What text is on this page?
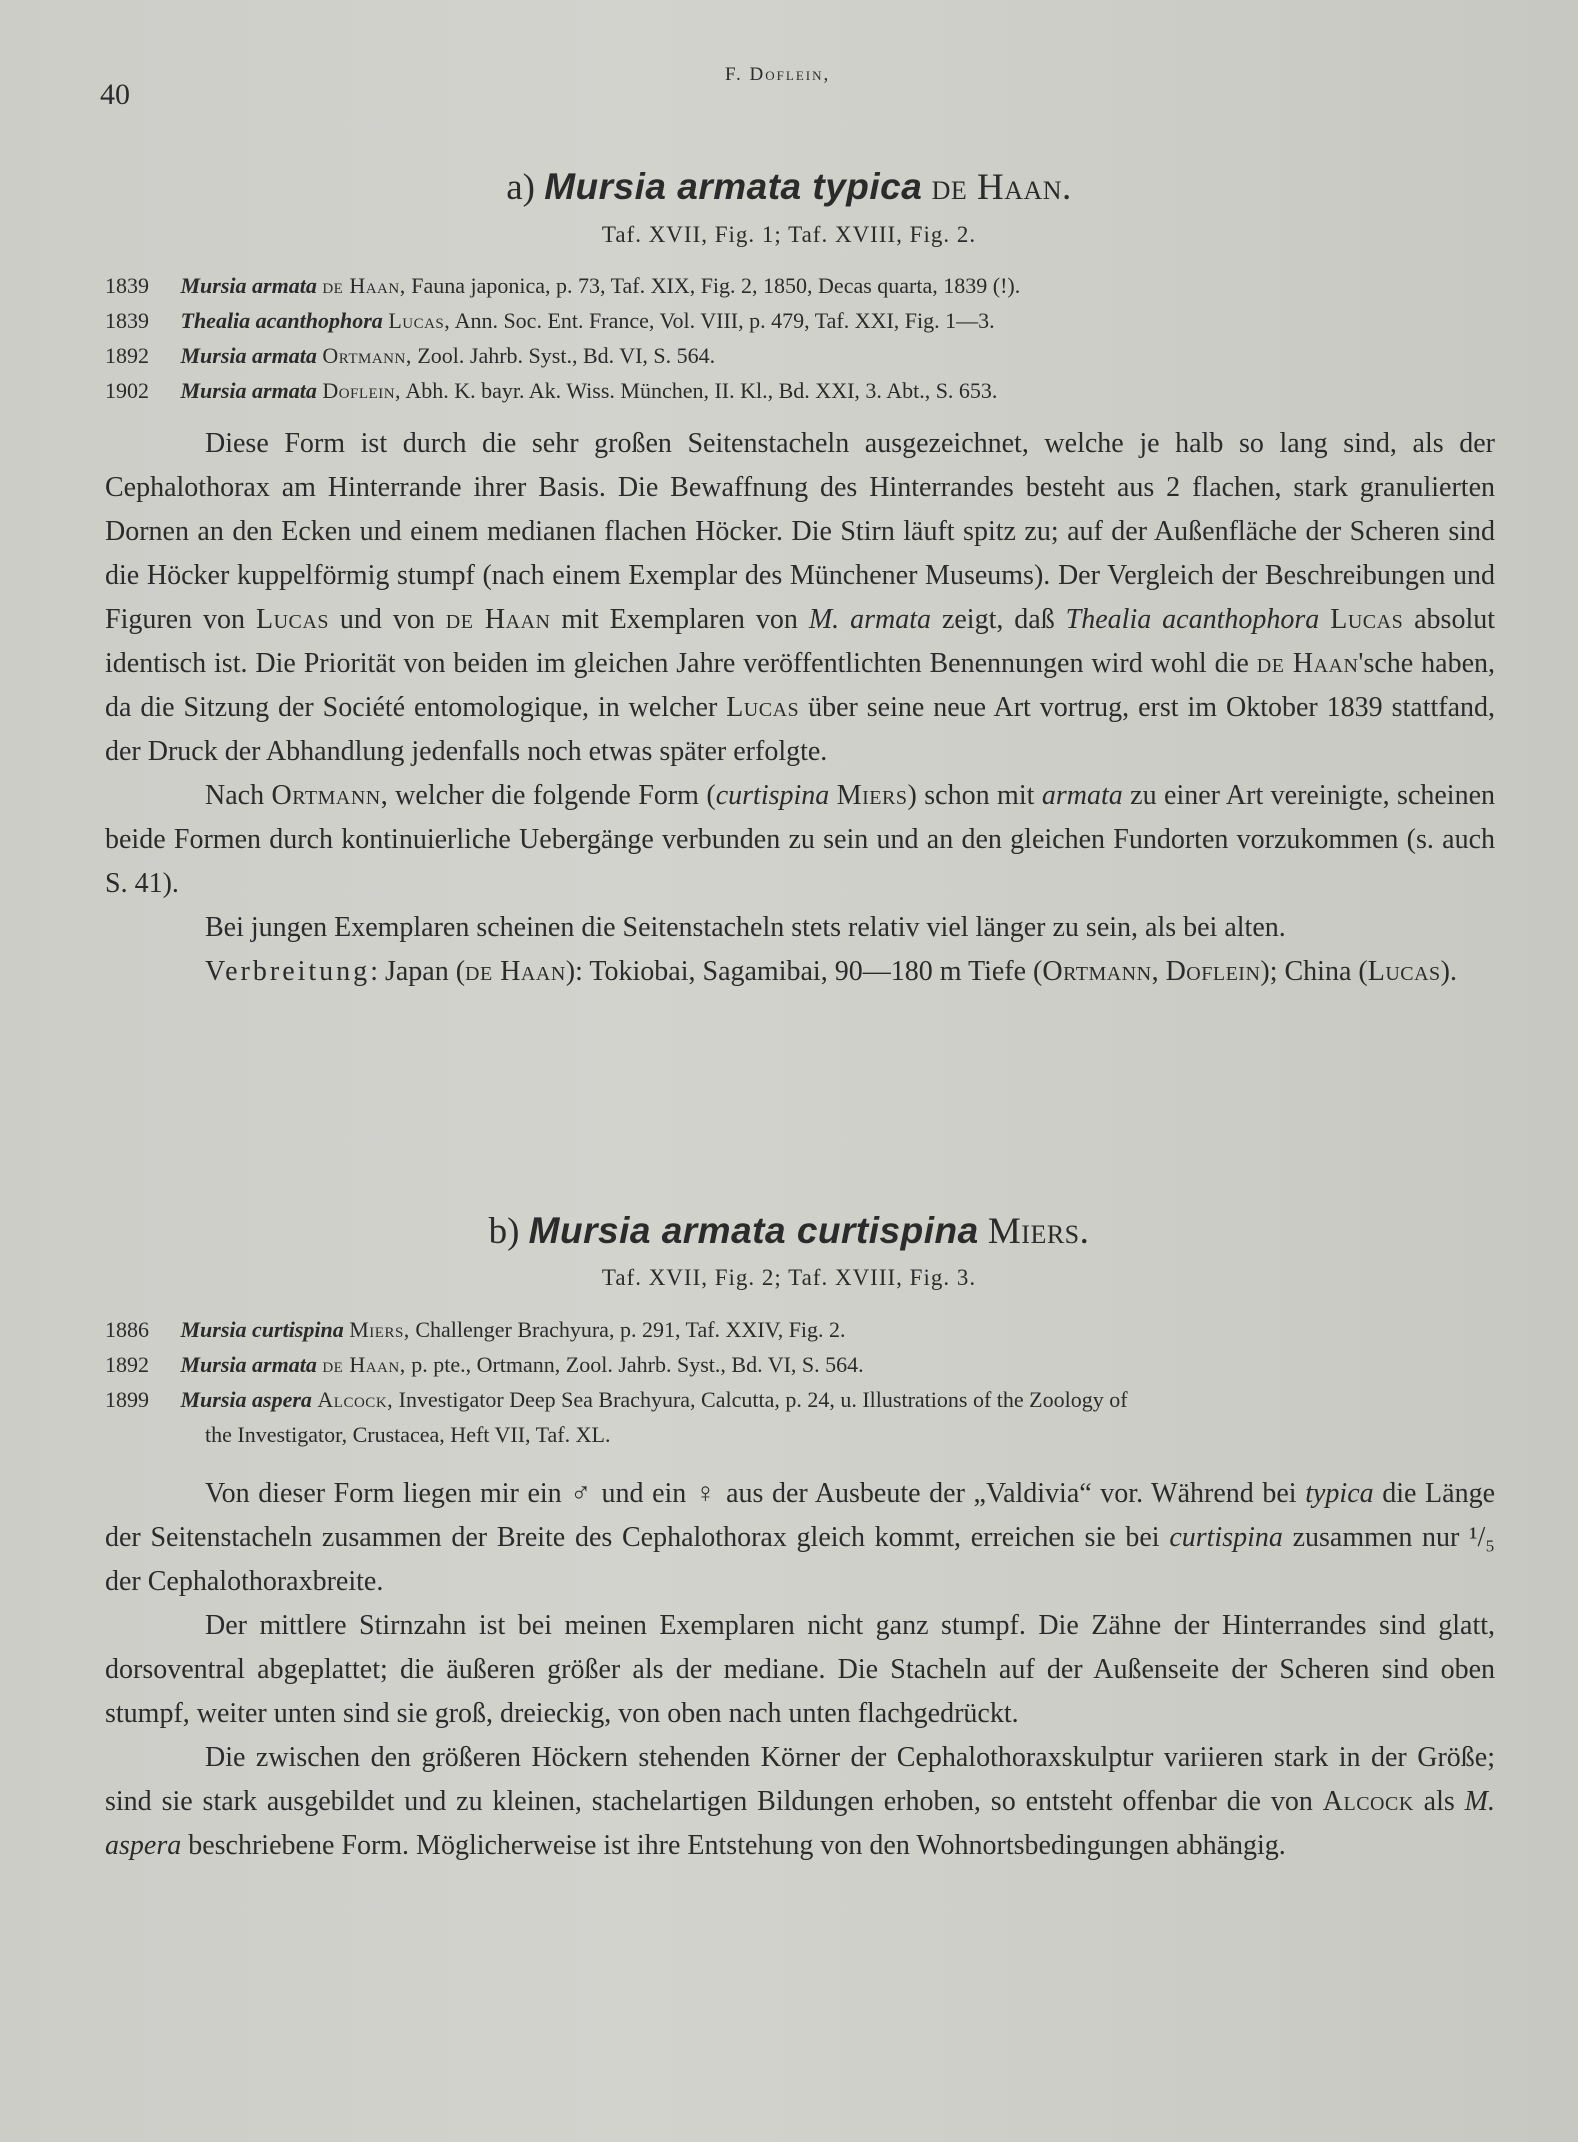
40
F. Doflein,
a) Mursia armata typica de Haan.
Taf. XVII, Fig. 1; Taf. XVIII, Fig. 2.
1839 Mursia armata de Haan, Fauna japonica, p. 73, Taf. XIX, Fig. 2, 1850, Decas quarta, 1839 (!).
1839 Thealia acanthophora Lucas, Ann. Soc. Ent. France, Vol. VIII, p. 479, Taf. XXI, Fig. 1—3.
1892 Mursia armata Ortmann, Zool. Jahrb. Syst., Bd. VI, S. 564.
1902 Mursia armata Doflein, Abh. K. bayr. Ak. Wiss. München, II. Kl., Bd. XXI, 3. Abt., S. 653.

Diese Form ist durch die sehr großen Seitenstacheln ausgezeichnet, welche je halb so lang sind, als der Cephalothorax am Hinterrande ihrer Basis. Die Bewaffnung des Hinterrandes besteht aus 2 flachen, stark granulierten Dornen an den Ecken und einem medianen flachen Höcker. Die Stirn läuft spitz zu; auf der Außenfläche der Scheren sind die Höcker kuppelförmig stumpf (nach einem Exemplar des Münchener Museums). Der Vergleich der Beschreibungen und Figuren von Lucas und von de Haan mit Exemplaren von M. armata zeigt, daß Thealia acanthophora Lucas absolut identisch ist. Die Priorität von beiden im gleichen Jahre veröffentlichten Benennungen wird wohl die de Haan'sche haben, da die Sitzung der Société entomologique, in welcher Lucas über seine neue Art vortrug, erst im Oktober 1839 stattfand, der Druck der Abhandlung jedenfalls noch etwas später erfolgte.

Nach Ortmann, welcher die folgende Form (curtispina Miers) schon mit armata zu einer Art vereinigte, scheinen beide Formen durch kontinuierliche Uebergänge verbunden zu sein und an den gleichen Fundorten vorzukommen (s. auch S. 41).

Bei jungen Exemplaren scheinen die Seitenstacheln stets relativ viel länger zu sein, als bei alten.

Verbreitung: Japan (de Haan): Tokiobai, Sagamibai, 90—180 m Tiefe (Ortmann, Doflein); China (Lucas).

b) Mursia armata curtispina Miers.
Taf. XVII, Fig. 2; Taf. XVIII, Fig. 3.
1886 Mursia curtispina Miers, Challenger Brachyura, p. 291, Taf. XXIV, Fig. 2.
1892 Mursia armata de Haan, p. pte., Ortmann, Zool. Jahrb. Syst., Bd. VI, S. 564.
1899 Mursia aspera Alcock, Investigator Deep Sea Brachyura, Calcutta, p. 24, u. Illustrations of the Zoology of
the Investigator, Crustacea, Heft VII, Taf. XL.

Von dieser Form liegen mir ein ♂ und ein ♀ aus der Ausbeute der „Valdivia“ vor. Während bei typica die Länge der Seitenstacheln zusammen der Breite des Cephalothorax gleich kommt, erreichen sie bei curtispina zusammen nur ¹/₅ der Cephalothoraxbreite.

Der mittlere Stirnzahn ist bei meinen Exemplaren nicht ganz stumpf. Die Zähne der Hinterrandes sind glatt, dorsoventral abgeplattet; die äußeren größer als der mediane. Die Stacheln auf der Außenseite der Scheren sind oben stumpf, weiter unten sind sie groß, dreieckig, von oben nach unten flachgedrückt.

Die zwischen den größeren Höckern stehenden Körner der Cephalothoraxskulptur variieren stark in der Größe; sind sie stark ausgebildet und zu kleinen, stachelartigen Bildungen erhoben, so entsteht offenbar die von Alcock als M. aspera beschriebene Form. Möglicherweise ist ihre Entstehung von den Wohnortsbedingungen abhängig.
